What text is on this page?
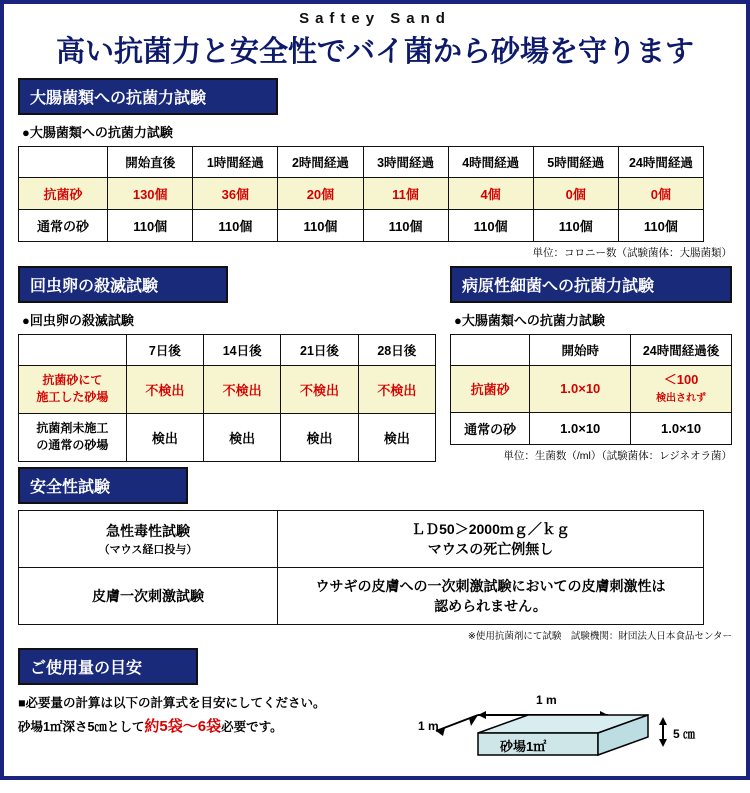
Saftey Sand
高い抗菌力と安全性でバイ菌から砂場を守ります
大腸菌類への抗菌力試験
●大腸菌類への抗菌力試験
	開始直後	1時間経過	2時間経過	3時間経過	4時間経過	5時間経過	24時間経過
抗菌砂	130個	36個	20個	11個	4個	0個	0個
通常の砂	110個	110個	110個	110個	110個	110個	110個
単位：コロニー数（試験菌体：大腸菌類）
回虫卵の殺滅試験
●回虫卵の殺滅試験
	7日後	14日後	21日後	28日後
抗菌砂にて
施工した砂場	不検出	不検出	不検出	不検出
抗菌剤未施工
の通常の砂場	検出	検出	検出	検出
病原性細菌への抗菌力試験
●大腸菌類への抗菌力試験
	開始時	24時間経過後
抗菌砂	1.0×10	＜100
検出されず
通常の砂	1.0×10	1.0×10
単位：生菌数（/ml）（試験菌体：レジネオラ菌）
安全性試験
急性毒性試験
（マウス経口投与）	ＬＤ50＞2000ｍｇ／ｋｇ
マウスの死亡例無し

皮膚一次刺激試験	ウサギの皮膚への一次刺激試験においての皮膚刺激性は
認められません。
※使用抗菌剤にて試験　試験機関：財団法人日本食品センター
ご使用量の目安
■必要量の計算は以下の計算式を目安にしてください。
砂場1㎡深さ5㎝として約5袋～6袋必要です。
1 m
1 m
砂場1㎡
5 ㎝
